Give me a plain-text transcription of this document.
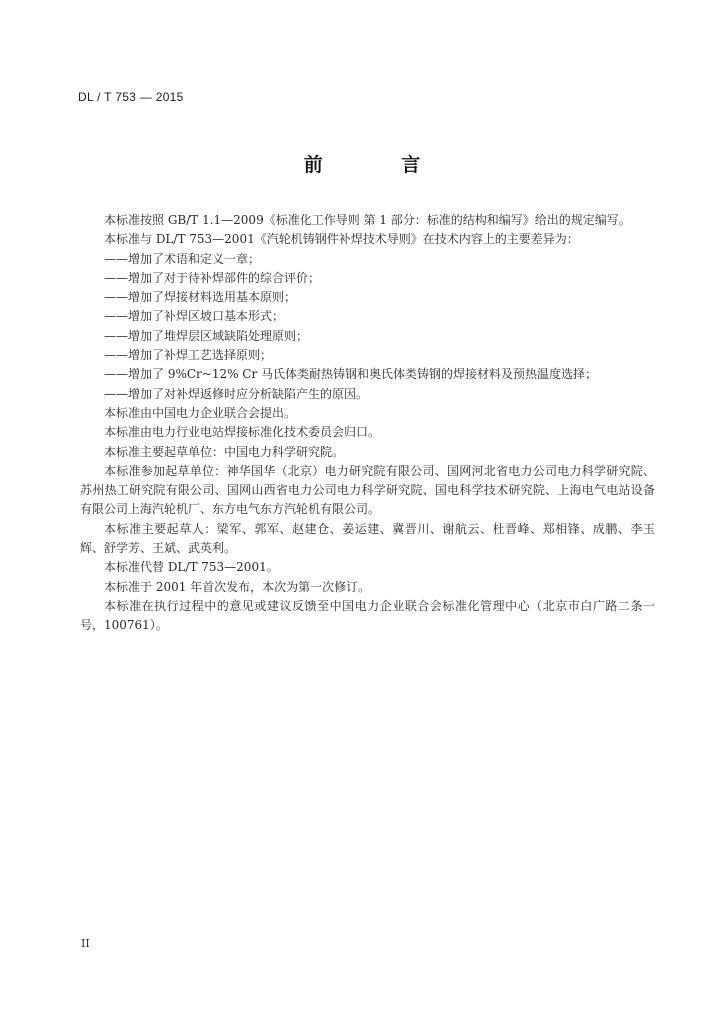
DL / T 753 — 2015
前 言

本标准按照 GB/T 1.1—2009《标准化工作导则 第 1 部分：标准的结构和编写》给出的规定编写。

本标准与 DL/T 753—2001《汽轮机铸钢件补焊技术导则》在技术内容上的主要差异为：

——增加了术语和定义一章；

——增加了对于待补焊部件的综合评价；

——增加了焊接材料选用基本原则；

——增加了补焊区坡口基本形式；

——增加了堆焊层区域缺陷处理原则；

——增加了补焊工艺选择原则；

——增加了 9%Cr~12% Cr 马氏体类耐热铸钢和奥氏体类铸钢的焊接材料及预热温度选择；

——增加了对补焊返修时应分析缺陷产生的原因。

本标准由中国电力企业联合会提出。

本标准由电力行业电站焊接标准化技术委员会归口。

本标准主要起草单位：中国电力科学研究院。

本标准参加起草单位：神华国华（北京）电力研究院有限公司、国网河北省电力公司电力科学研究院、苏州热工研究院有限公司、国网山西省电力公司电力科学研究院、国电科学技术研究院、上海电气电站设备有限公司上海汽轮机厂、东方电气东方汽轮机有限公司。

本标准主要起草人：梁军、郭军、赵建仓、姜运建、冀晋川、谢航云、杜晋峰、郑相锋、成鹏、李玉辉、舒学芳、王斌、武英利。

本标准代替 DL/T 753—2001。

本标准于 2001 年首次发布，本次为第一次修订。

本标准在执行过程中的意见或建议反馈至中国电力企业联合会标准化管理中心（北京市白广路二条一号，100761）。

II
